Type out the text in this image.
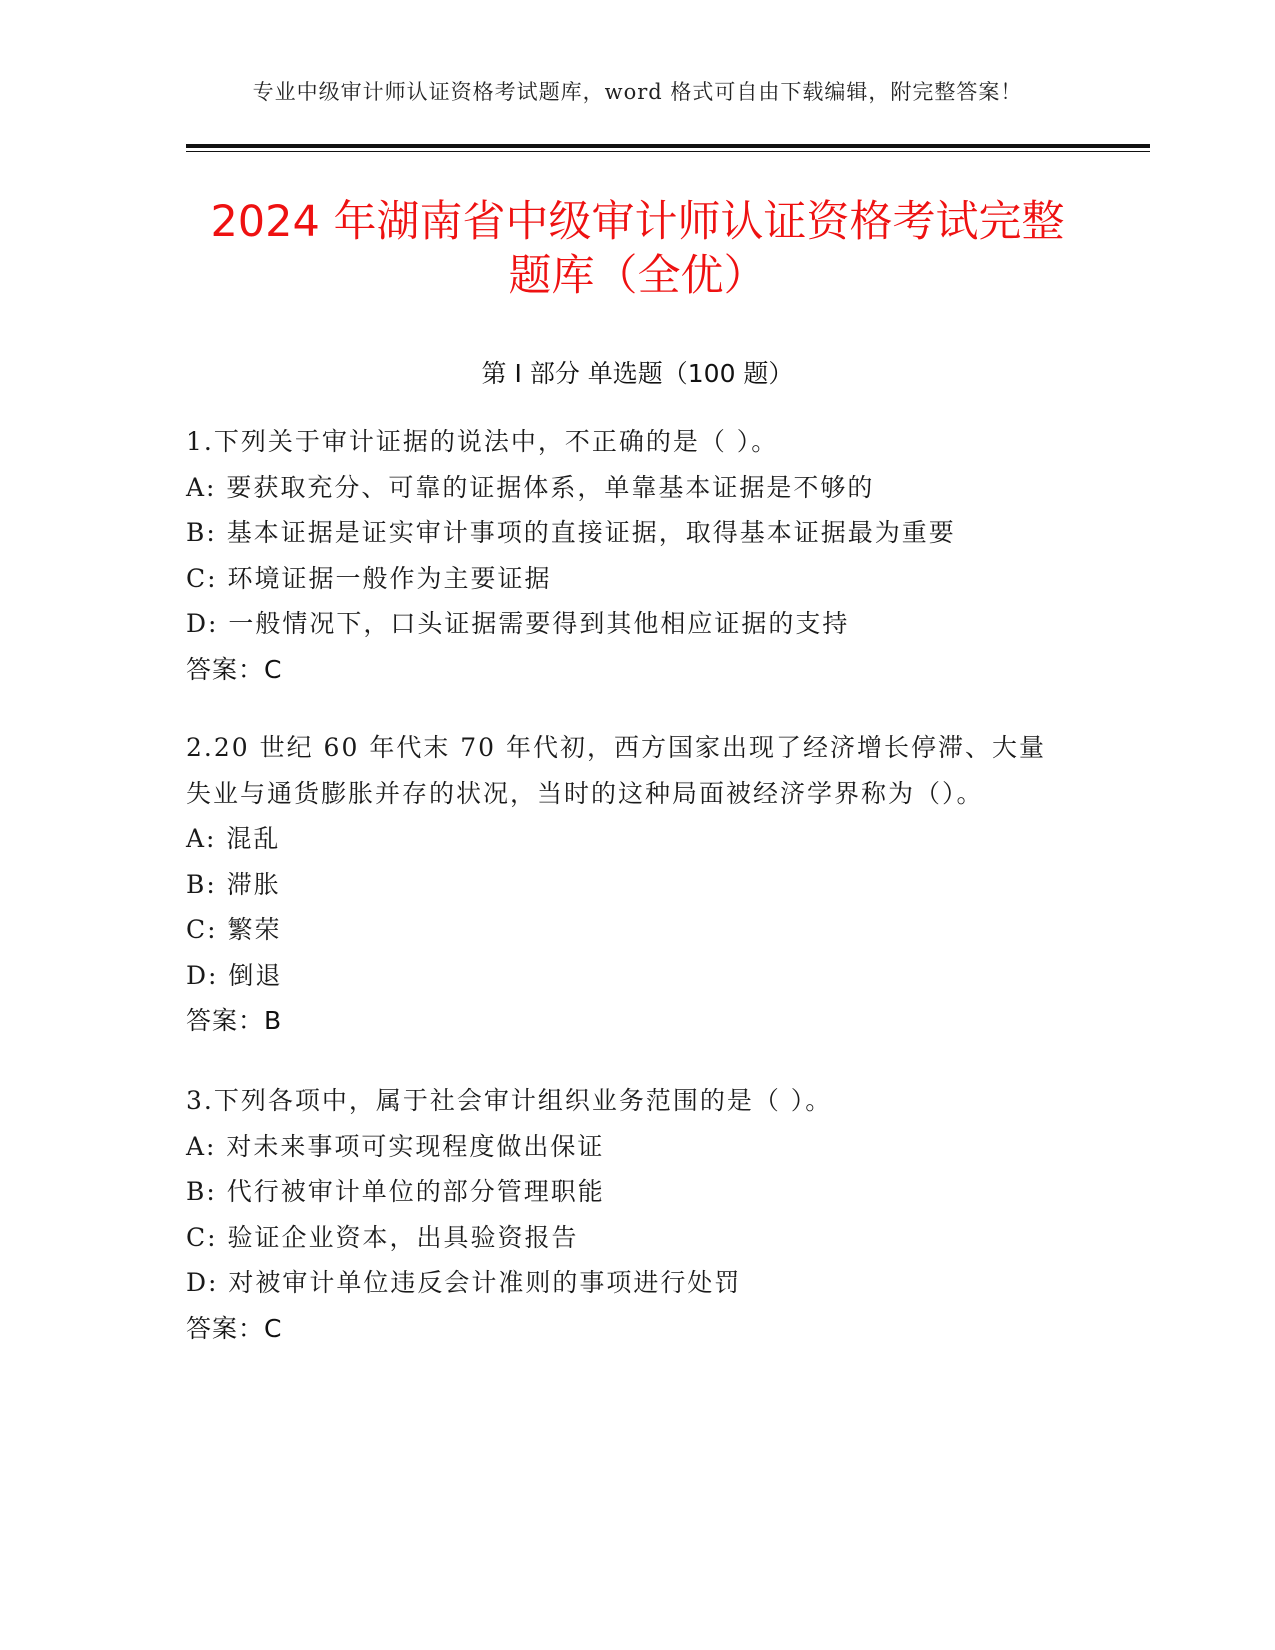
专业中级审计师认证资格考试题库，word 格式可自由下载编辑，附完整答案！
2024 年湖南省中级审计师认证资格考试完整
题库（全优）
第 I 部分 单选题（100 题）
1.下列关于审计证据的说法中，不正确的是（ ）。
A: 要获取充分、可靠的证据体系，单靠基本证据是不够的
B: 基本证据是证实审计事项的直接证据，取得基本证据最为重要
C: 环境证据一般作为主要证据
D: 一般情况下，口头证据需要得到其他相应证据的支持
答案：C
2.20 世纪 60 年代末 70 年代初，西方国家出现了经济增长停滞、大量
失业与通货膨胀并存的状况，当时的这种局面被经济学界称为（）。
A: 混乱
B: 滞胀
C: 繁荣
D: 倒退
答案：B
3.下列各项中，属于社会审计组织业务范围的是（ ）。
A: 对未来事项可实现程度做出保证
B: 代行被审计单位的部分管理职能
C: 验证企业资本，出具验资报告
D: 对被审计单位违反会计准则的事项进行处罚
答案：C
